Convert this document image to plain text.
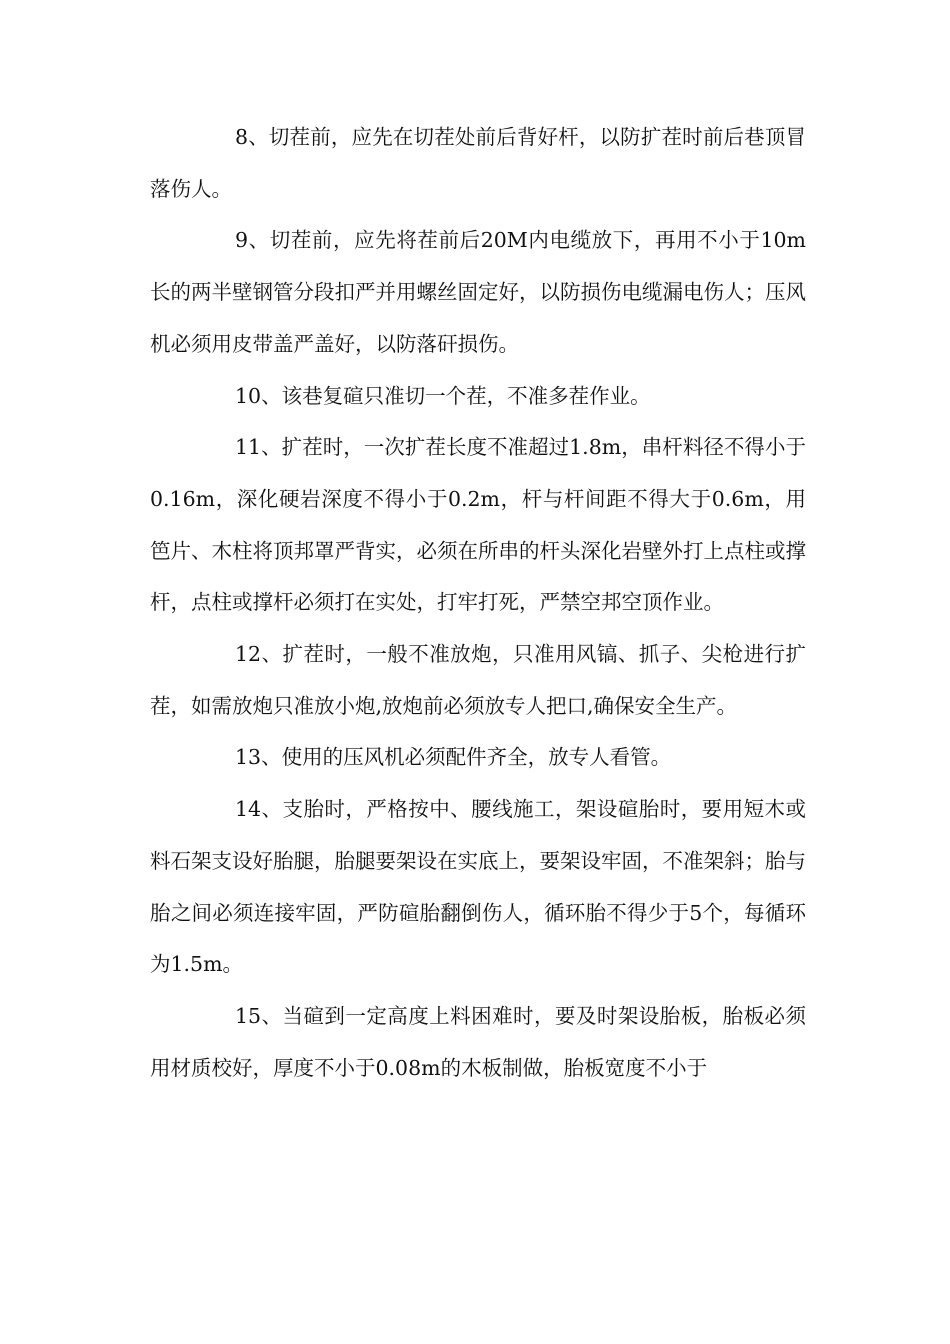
8、切茬前，应先在切茬处前后背好杆，以防扩茬时前后巷顶冒落伤人。

9、切茬前，应先将茬前后20M内电缆放下，再用不小于10m长的两半壁钢管分段扣严并用螺丝固定好，以防损伤电缆漏电伤人；压风机必须用皮带盖严盖好，以防落矸损伤。

10、该巷复碹只准切一个茬，不准多茬作业。

11、扩茬时，一次扩茬长度不准超过1.8m，串杆料径不得小于0.16m，深化硬岩深度不得小于0.2m，杆与杆间距不得大于0.6m，用笆片、木柱将顶邦罩严背实，必须在所串的杆头深化岩壁外打上点柱或撑杆，点柱或撑杆必须打在实处，打牢打死，严禁空邦空顶作业。

12、扩茬时，一般不准放炮，只准用风镐、抓子、尖枪进行扩茬，如需放炮只准放小炮,放炮前必须放专人把口,确保安全生产。

13、使用的压风机必须配件齐全，放专人看管。

14、支胎时，严格按中、腰线施工，架设碹胎时，要用短木或料石架支设好胎腿，胎腿要架设在实底上，要架设牢固，不准架斜；胎与胎之间必须连接牢固，严防碹胎翻倒伤人，循环胎不得少于5个，每循环为1.5m。

15、当碹到一定高度上料困难时，要及时架设胎板，胎板必须用材质校好，厚度不小于0.08m的木板制做，胎板宽度不小于
